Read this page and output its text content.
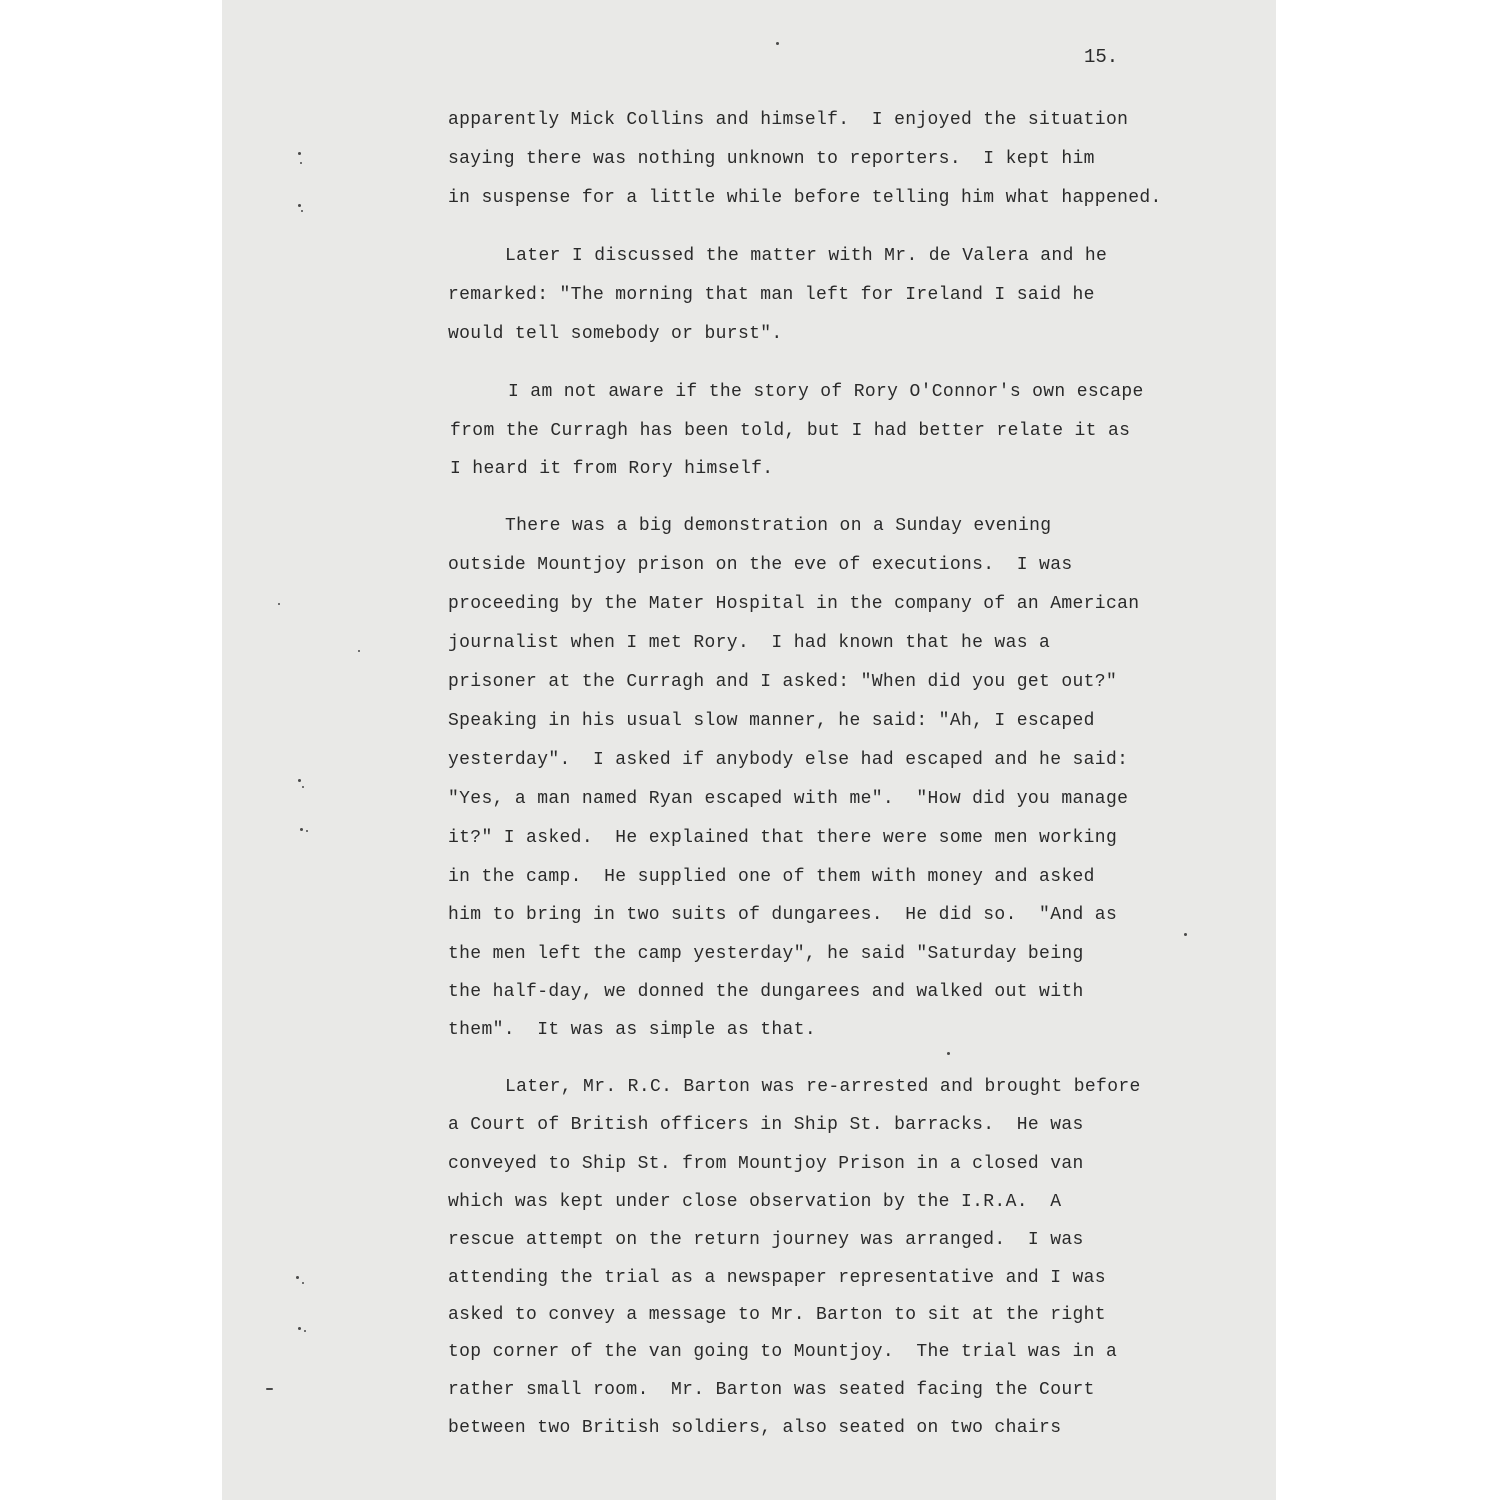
15.
apparently Mick Collins and himself.  I enjoyed the situation
saying there was nothing unknown to reporters.  I kept him
in suspense for a little while before telling him what happened.
Later I discussed the matter with Mr. de Valera and he
remarked: "The morning that man left for Ireland I said he
would tell somebody or burst".
I am not aware if the story of Rory O'Connor's own escape
from the Curragh has been told, but I had better relate it as
I heard it from Rory himself.
There was a big demonstration on a Sunday evening
outside Mountjoy prison on the eve of executions.  I was
proceeding by the Mater Hospital in the company of an American
journalist when I met Rory.  I had known that he was a
prisoner at the Curragh and I asked: "When did you get out?"
Speaking in his usual slow manner, he said: "Ah, I escaped
yesterday".  I asked if anybody else had escaped and he said:
"Yes, a man named Ryan escaped with me".  "How did you manage
it?" I asked.  He explained that there were some men working
in the camp.  He supplied one of them with money and asked
him to bring in two suits of dungarees.  He did so.  "And as
the men left the camp yesterday", he said "Saturday being
the half-day, we donned the dungarees and walked out with
them".  It was as simple as that.
Later, Mr. R.C. Barton was re-arrested and brought before
a Court of British officers in Ship St. barracks.  He was
conveyed to Ship St. from Mountjoy Prison in a closed van
which was kept under close observation by the I.R.A.  A
rescue attempt on the return journey was arranged.  I was
attending the trial as a newspaper representative and I was
asked to convey a message to Mr. Barton to sit at the right
top corner of the van going to Mountjoy.  The trial was in a
rather small room.  Mr. Barton was seated facing the Court
between two British soldiers, also seated on two chairs
